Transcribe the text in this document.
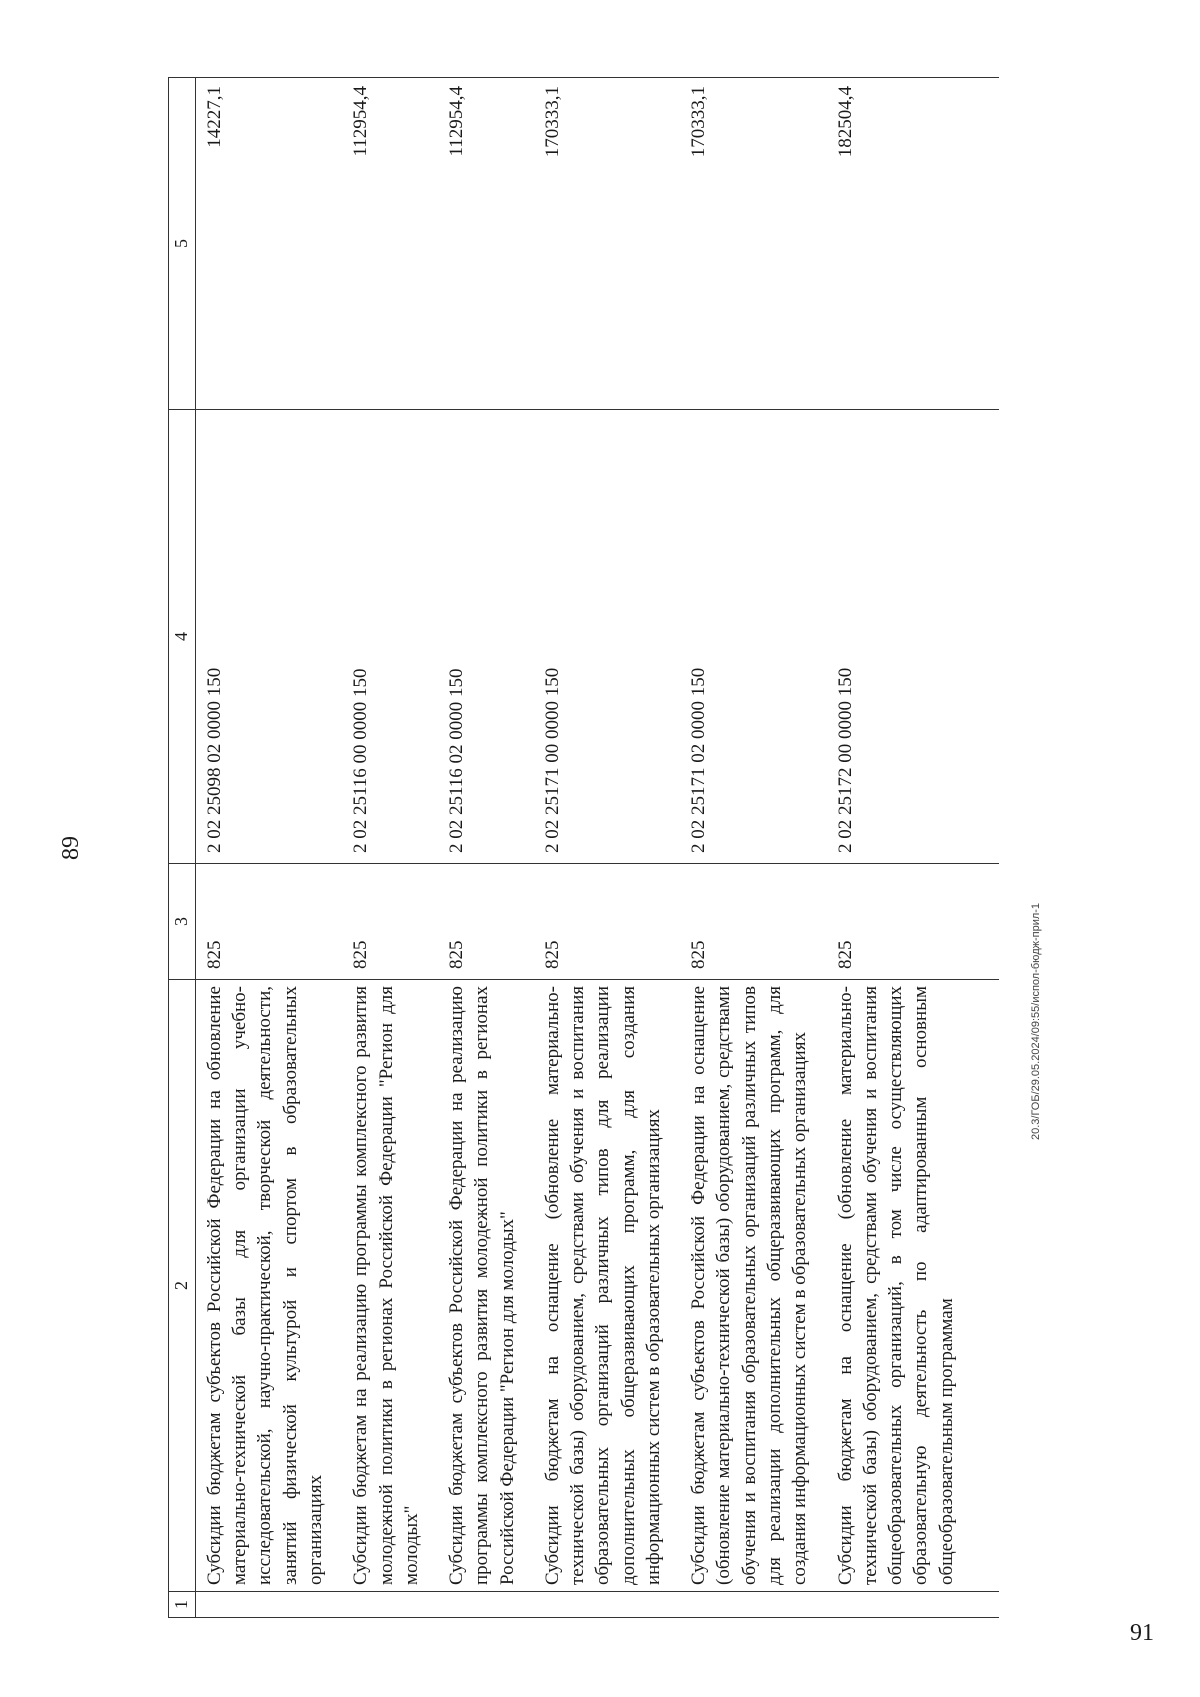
89
1	2	3	4	5
	Субсидии бюджетам субъектов Российской Федерации на обновление материально-технической базы для организации учебно-исследовательской, научно-практической, творческой деятельности, занятий физической культурой и спортом в образовательных организациях	825	2 02 25098 02 0000 150	14227,1
	Субсидии бюджетам на реализацию программы комплексного развития молодежной политики в регионах Российской Федерации "Регион для молодых"	825	2 02 25116 00 0000 150	112954,4
	Субсидии бюджетам субъектов Российской Федерации на реализацию программы комплексного развития молодежной политики в регионах Российской Федерации "Регион для молодых"	825	2 02 25116 02 0000 150	112954,4
	Субсидии бюджетам на оснащение (обновление материально-технической базы) оборудованием, средствами обучения и воспитания образовательных организаций различных типов для реализации дополнительных общеразвивающих программ, для создания информационных систем в образовательных организациях	825	2 02 25171 00 0000 150	170333,1
	Субсидии бюджетам субъектов Российской Федерации на оснащение (обновление материально-технической базы) оборудованием, средствами обучения и воспитания образовательных организаций различных типов для реализации дополнительных общеразвивающих программ, для создания информационных систем в образовательных организациях	825	2 02 25171 02 0000 150	170333,1
	Субсидии бюджетам на оснащение (обновление материально-технической базы) оборудованием, средствами обучения и воспитания общеобразовательных организаций, в том числе осуществляющих образовательную деятельность по адаптированным основным общеобразовательным программам	825	2 02 25172 00 0000 150	182504,4
20.3/ГОБ/29.05.2024/09:55/испол-бюдж-прил-1
91
